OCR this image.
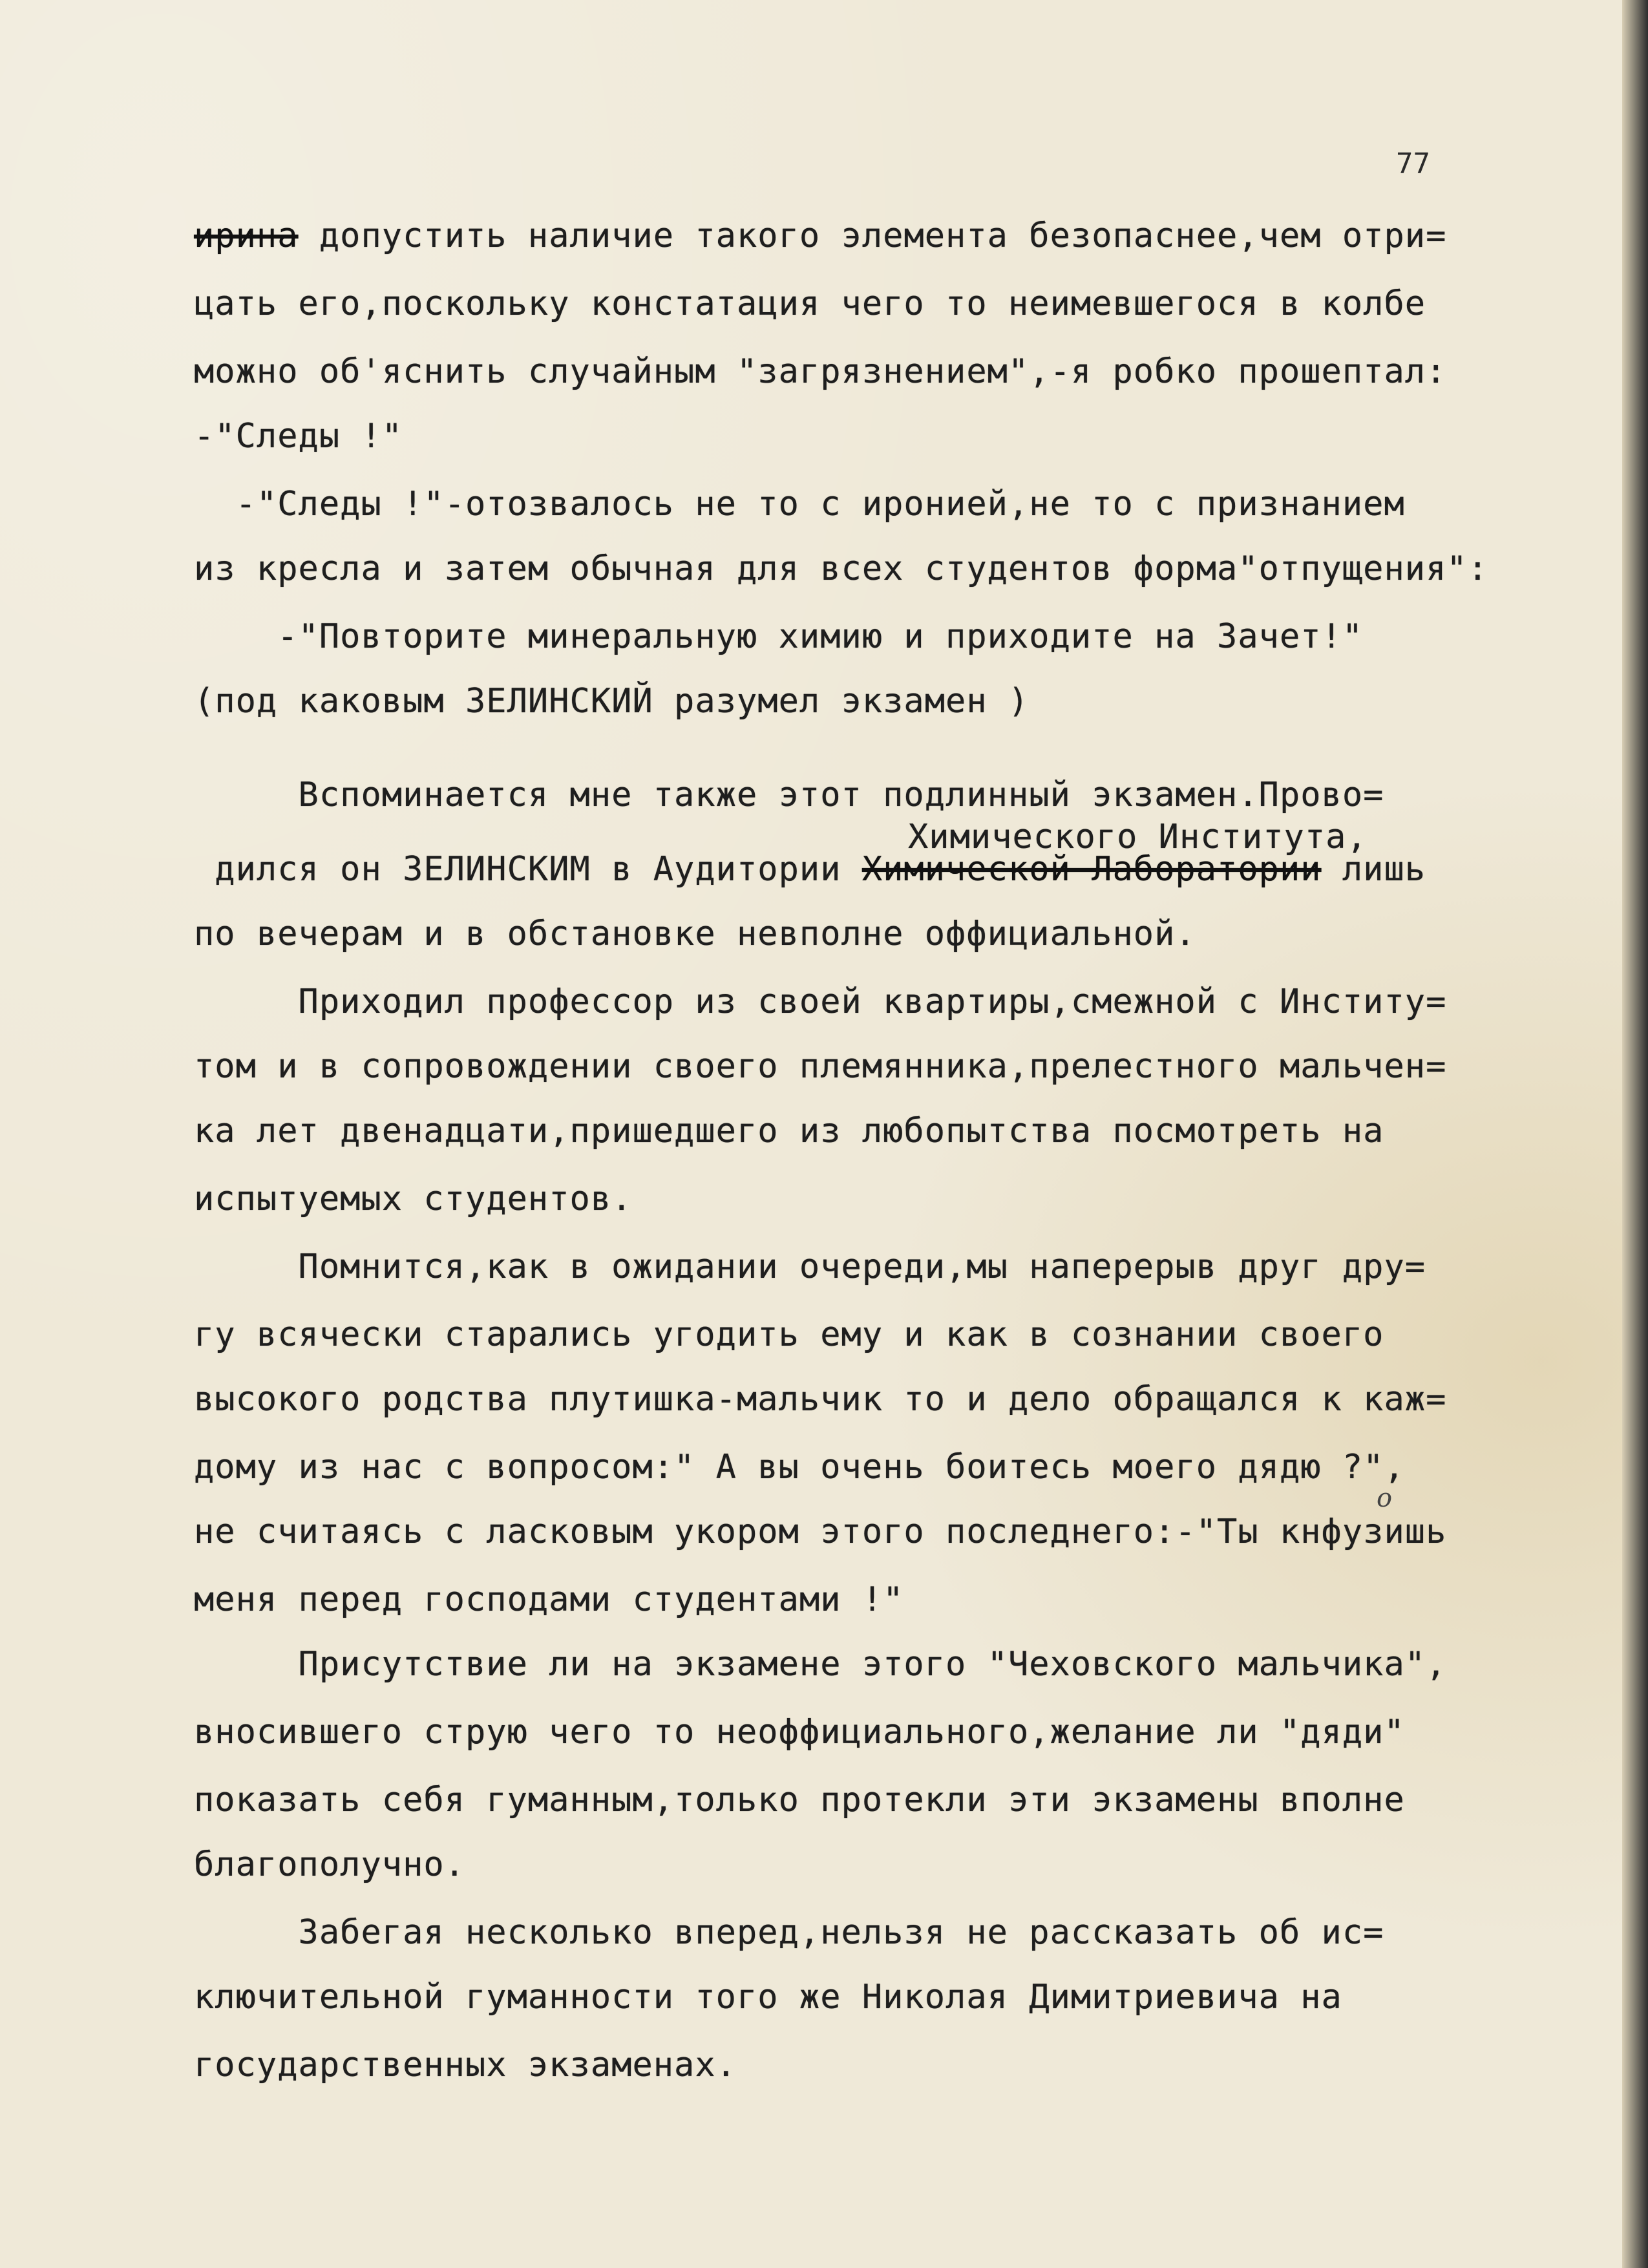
77
ирина допустить наличие такого элемента безопаснее,чем отри=
цать его,поскольку констатация чего то неимевшегося в колбе
можно об'яснить случайным "загрязнением",-я робко прошептал:
-"Следы !"
-"Следы !"-отозвалось не то с иронией,не то с признанием
из кресла и затем обычная для всех студентов форма"отпущения":
-"Повторите минеральную химию и приходите на Зачет!"
(под каковым ЗЕЛИНСКИЙ разумел экзамен )
Вспоминается мне также этот подлинный экзамен.Прово=
Химического Института,
дился он ЗЕЛИНСКИМ в Аудитории Химической Лаборатории лишь
по вечерам и в обстановке невполне оффициальной.
Приходил профессор из своей квартиры,смежной с Институ=
том и в сопровождении своего племянника,прелестного мальчен=
ка лет двенадцати,пришедшего из любопытства посмотреть на
испытуемых студентов.
Помнится,как в ожидании очереди,мы наперерыв друг дру=
гу всячески старались угодить ему и как в сознании своего
высокого родства плутишка-мальчик то и дело обращался к каж=
дому из нас с вопросом:" А вы очень боитесь моего дядю ?",
о
не считаясь с ласковым укором этого последнего:-"Ты кнфузишь
меня перед господами студентами !"
Присутствие ли на экзамене этого "Чеховского мальчика",
вносившего струю чего то неоффициального,желание ли "дяди"
показать себя гуманным,только протекли эти экзамены вполне
благополучно.
Забегая несколько вперед,нельзя не рассказать об ис=
ключительной гуманности того же Николая Димитриевича на
государственных экзаменах.
